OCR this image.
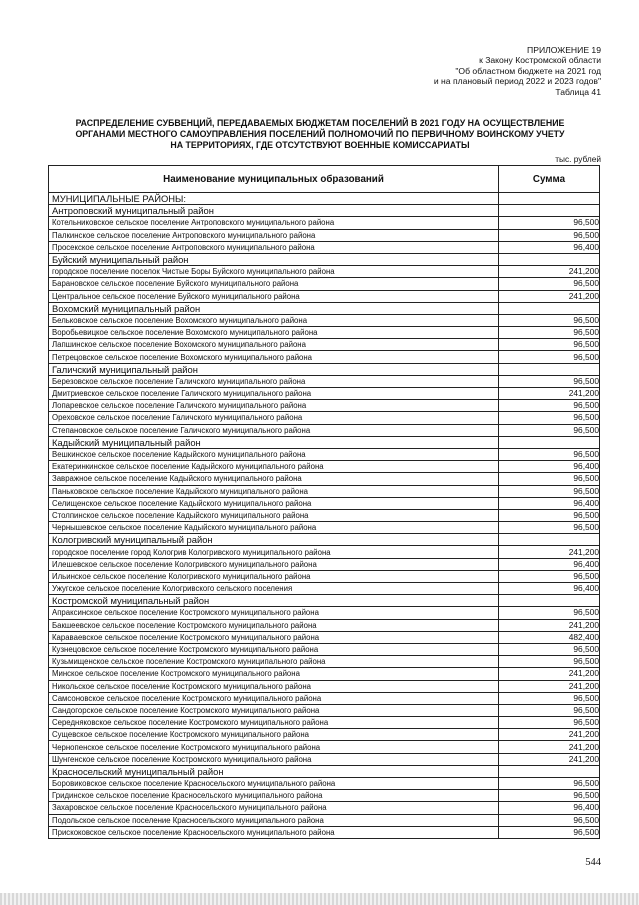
ПРИЛОЖЕНИЕ 19
к Закону Костромской области
"Об областном бюджете на 2021 год
и на плановый период 2022 и 2023 годов"
Таблица 41
РАСПРЕДЕЛЕНИЕ СУБВЕНЦИЙ, ПЕРЕДАВАЕМЫХ БЮДЖЕТАМ ПОСЕЛЕНИЙ В 2021 ГОДУ НА ОСУЩЕСТВЛЕНИЕ
ОРГАНАМИ МЕСТНОГО САМОУПРАВЛЕНИЯ ПОСЕЛЕНИЙ ПОЛНОМОЧИЙ ПО ПЕРВИЧНОМУ ВОИНСКОМУ УЧЕТУ
НА ТЕРРИТОРИЯХ, ГДЕ ОТСУТСТВУЮТ ВОЕННЫЕ КОМИССАРИАТЫ
тыс. рублей
Наименование муниципальных образований	Сумма
МУНИЦИПАЛЬНЫЕ РАЙОНЫ:	
Антроповский муниципальный район	
Котельниковское сельское поселение Антроповского муниципального района	96,500
Палкинское сельское поселение Антроповского муниципального района	96,500
Просекское сельское поселение Антроповского муниципального района	96,400
Буйский муниципальный район	
городское поселение поселок Чистые Боры Буйского муниципального района	241,200
Барановское сельское поселение Буйского муниципального района	96,500
Центральное сельское поселение Буйского муниципального района	241,200
Вохомский муниципальный район	
Бельковское сельское поселение Вохомского муниципального района	96,500
Воробьевицкое сельское поселение Вохомского муниципального района	96,500
Лапшинское сельское поселение Вохомского муниципального района	96,500
Петрецовское сельское поселение Вохомского муниципального района	96,500
Галичский муниципальный район	
Березовское сельское поселение Галичского муниципального района	96,500
Дмитриевское сельское поселение Галичского муниципального района	241,200
Лопаревское сельское поселение Галичского муниципального района	96,500
Ореховское сельское поселение Галичского муниципального района	96,500
Степановское сельское поселение Галичского муниципального района	96,500
Кадыйский муниципальный район	
Вешкинское сельское поселение Кадыйского муниципального района	96,500
Екатеринкинское сельское поселение Кадыйского муниципального района	96,400
Завражное сельское поселение Кадыйского муниципального района	96,500
Паньковское сельское поселение Кадыйского муниципального района	96,500
Селищенское сельское поселение Кадыйского муниципального района	96,400
Столпинское сельское поселение Кадыйского муниципального района	96,500
Чернышевское сельское поселение Кадыйского муниципального района	96,500
Кологривский муниципальный район	
городское поселение город Кологрив Кологривского муниципального района	241,200
Илешевское сельское поселение Кологривского муниципального района	96,400
Ильинское сельское поселение Кологривского муниципального района	96,500
Ужугское сельское поселение Кологривского сельского поселения	96,400
Костромской муниципальный район	
Апраксинское сельское поселение Костромского муниципального района	96,500
Бакшеевское сельское поселение Костромского муниципального района	241,200
Караваевское сельское поселение Костромского муниципального района	482,400
Кузнецовское сельское поселение Костромского муниципального района	96,500
Кузьмищенское сельское поселение Костромского муниципального района	96,500
Минское сельское поселение Костромского муниципального района	241,200
Никольское сельское поселение Костромского муниципального района	241,200
Самсоновское сельское поселение Костромского муниципального района	96,500
Сандогорское сельское поселение Костромского муниципального района	96,500
Середняковское сельское поселение Костромского муниципального района	96,500
Сущевское сельское поселение Костромского муниципального района	241,200
Чернопенское сельское поселение Костромского муниципального района	241,200
Шунгенское сельское поселение Костромского муниципального района	241,200
Красносельский муниципальный район	
Боровиковское сельское поселение Красносельского муниципального района	96,500
Гридинское сельское поселение Красносельского муниципального района	96,500
Захаровское сельское поселение Красносельского муниципального района	96,400
Подольское сельское поселение Красносельского муниципального района	96,500
Прискоковское сельское поселение Красносельского муниципального района	96,500
544
